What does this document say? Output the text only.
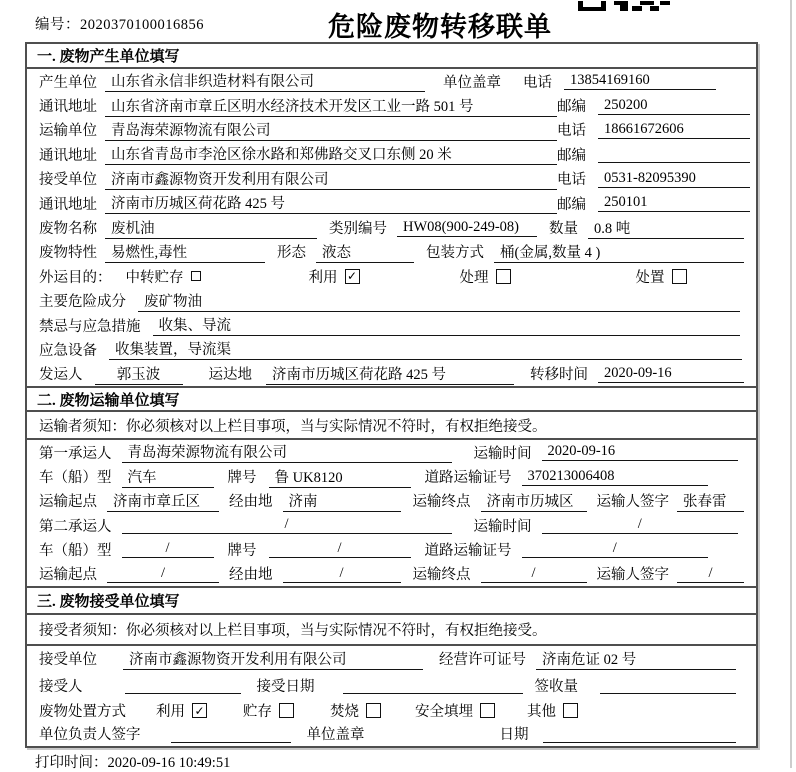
编号：2020370100016856	危险废物转移联单
一. 废物产生单位填写
产生单位 山东省永信非织造材料有限公司	单位盖章 电话	13854169160
通讯地址 山东省济南市章丘区明水经济技术开发区工业一路 501 号	邮编	250200
运输单位 青岛海荣源物流有限公司	电话	18661672606
通讯地址 山东省青岛市李沧区徐水路和郑佛路交叉口东侧 20 米	邮编
接受单位 济南市鑫源物资开发利用有限公司	电话	0531-82095390
通讯地址 济南市历城区荷花路 425 号	邮编	250101
废物名称 废机油	类别编号	HW08(900-249-08)	数量	0.8 吨
废物特性 易燃性,毒性	形态	液态	包装方式	桶(金属,数量 4 )
外运目的： 中转贮存	利用 ✓	处理	处置
主要危险成分	废矿物油
禁忌与应急措施	收集、导流
应急设备	收集装置，导流渠
发运人	郭玉波	运达地	济南市历城区荷花路 425 号	转移时间	2020-09-16
二. 废物运输单位填写
运输者须知：你必须核对以上栏目事项，当与实际情况不符时，有权拒绝接受。
第一承运人	青岛海荣源物流有限公司	运输时间	2020-09-16
车（船）型	汽车	牌号	鲁 UK8120	道路运输证号	370213006408
运输起点	济南市章丘区	经由地	济南	运输终点	济南市历城区	运输人签字 张春雷
第二承运人	/	运输时间	/
车（船）型	/	牌号	/	道路运输证号	/
运输起点	/	经由地	/	运输终点	/	运输人签字	/
三. 废物接受单位填写
接受者须知：你必须核对以上栏目事项，当与实际情况不符时，有权拒绝接受。
接受单位	济南市鑫源物资开发利用有限公司	经营许可证号	济南危证 02 号
接受人	接受日期	签收量
废物处置方式 利用 ✓	贮存	焚烧	安全填埋	其他
单位负责人签字	单位盖章	日期
打印时间：2020-09-16 10:49:51
